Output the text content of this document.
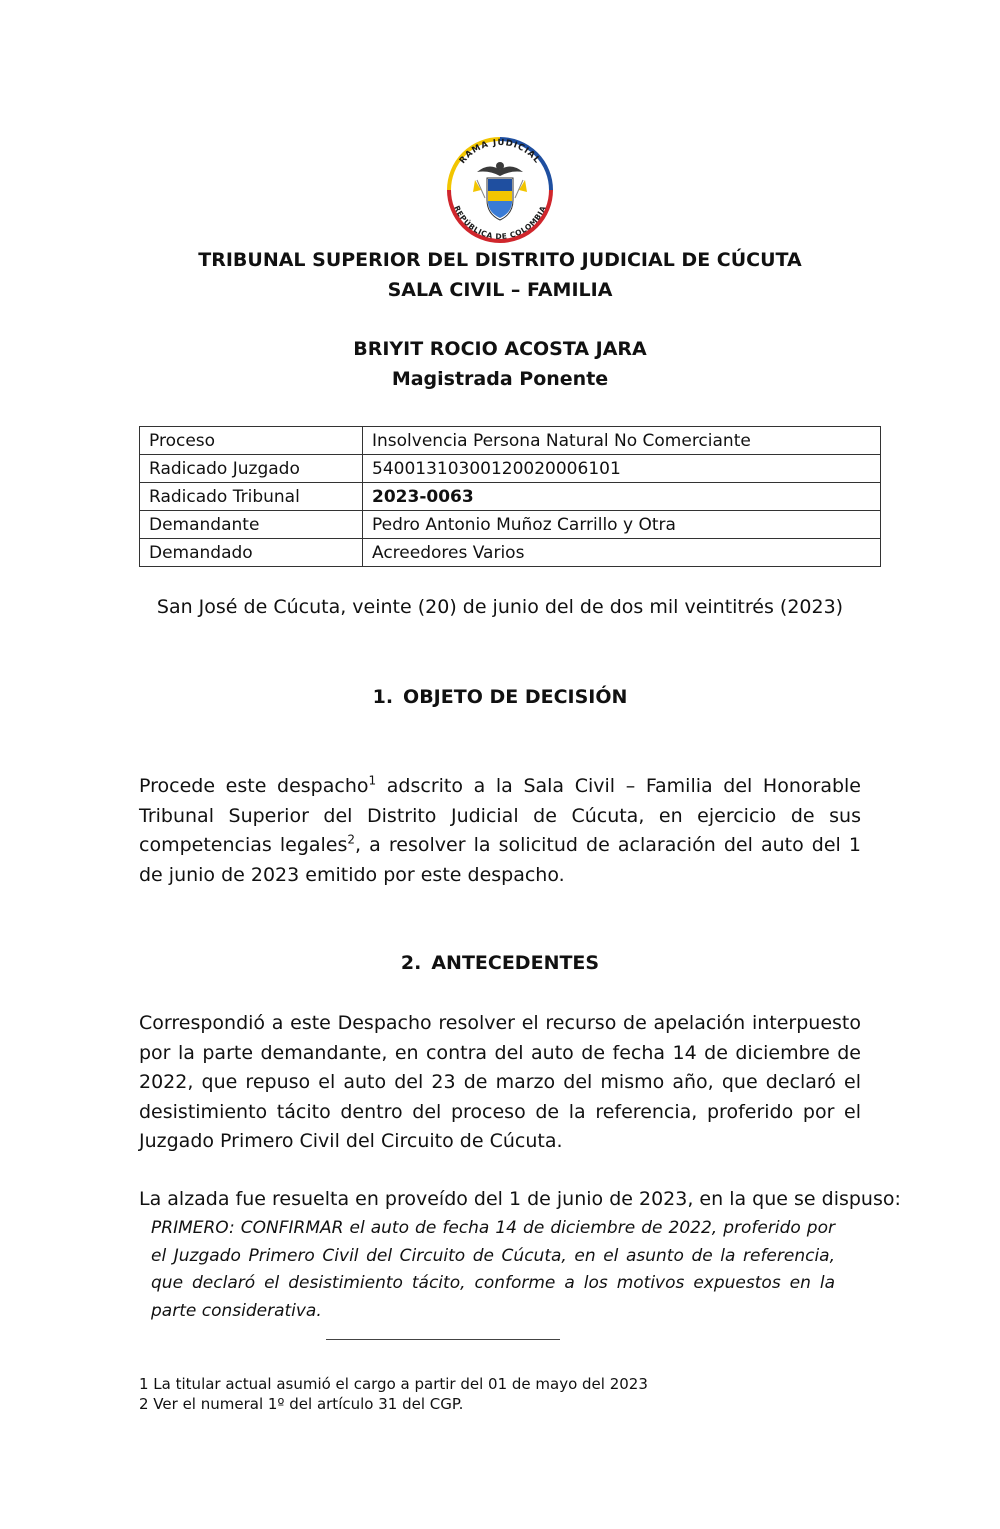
RAMA JUDICIAL
REPÚBLICA DE COLOMBIA
TRIBUNAL SUPERIOR DEL DISTRITO JUDICIAL DE CÚCUTA
SALA CIVIL – FAMILIA
BRIYIT ROCIO ACOSTA JARA
Magistrada Ponente
Proceso	Insolvencia Persona Natural No Comerciante
Radicado Juzgado	54001310300120020006101
Radicado Tribunal	2023-0063
Demandante	Pedro Antonio Muñoz Carrillo y Otra
Demandado	Acreedores Varios
San José de Cúcuta, veinte (20) de junio del de dos mil veintitrés (2023)
1. OBJETO DE DECISIÓN
Procede este despacho$^1$ adscrito a la Sala Civil – Familia del Honorable Tribunal Superior del Distrito Judicial de Cúcuta, en ejercicio de sus competencias legales$^2$, a resolver la solicitud de aclaración del auto del 1 de junio de 2023 emitido por este despacho.
2. ANTECEDENTES
Correspondió a este Despacho resolver el recurso de apelación interpuesto por la parte demandante, en contra del auto de fecha 14 de diciembre de 2022, que repuso el auto del 23 de marzo del mismo año, que declaró el desistimiento tácito dentro del proceso de la referencia, proferido por el Juzgado Primero Civil del Circuito de Cúcuta.
La alzada fue resuelta en proveído del 1 de junio de 2023, en la que se dispuso:
PRIMERO: CONFIRMAR el auto de fecha 14 de diciembre de 2022, proferido por el Juzgado Primero Civil del Circuito de Cúcuta, en el asunto de la referencia, que declaró el desistimiento tácito, conforme a los motivos expuestos en la parte considerativa.
1 La titular actual asumió el cargo a partir del 01 de mayo del 2023
2 Ver el numeral 1º del artículo 31 del CGP.
